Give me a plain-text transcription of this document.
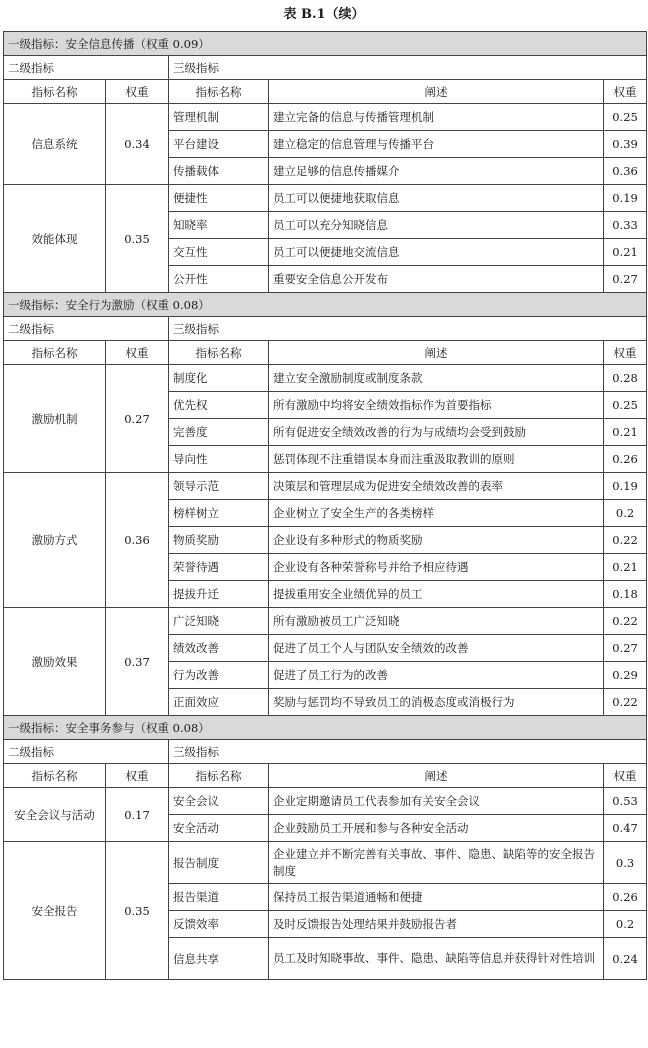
表 B.1（续）
一级指标：安全信息传播（权重 0.09）				
二级指标		三级指标		
指标名称	权重	指标名称	阐述	权重
信息系统	0.34	管理机制	建立完备的信息与传播管理机制	0.25
		平台建设	建立稳定的信息管理与传播平台	0.39
		传播载体	建立足够的信息传播媒介	0.36
效能体现	0.35	便捷性	员工可以便捷地获取信息	0.19
		知晓率	员工可以充分知晓信息	0.33
		交互性	员工可以便捷地交流信息	0.21
		公开性	重要安全信息公开发布	0.27
一级指标：安全行为激励（权重 0.08）				
二级指标		三级指标		
指标名称	权重	指标名称	阐述	权重
激励机制	0.27	制度化	建立安全激励制度或制度条款	0.28
		优先权	所有激励中均将安全绩效指标作为首要指标	0.25
		完善度	所有促进安全绩效改善的行为与成绩均会受到鼓励	0.21
		导向性	惩罚体现不注重错误本身而注重汲取教训的原则	0.26
激励方式	0.36	领导示范	决策层和管理层成为促进安全绩效改善的表率	0.19
		榜样树立	企业树立了安全生产的各类榜样	0.2
		物质奖励	企业设有多种形式的物质奖励	0.22
		荣誉待遇	企业设有各种荣誉称号并给予相应待遇	0.21
		提拔升迁	提拔重用安全业绩优异的员工	0.18
激励效果	0.37	广泛知晓	所有激励被员工广泛知晓	0.22
		绩效改善	促进了员工个人与团队安全绩效的改善	0.27
		行为改善	促进了员工行为的改善	0.29
		正面效应	奖励与惩罚均不导致员工的消极态度或消极行为	0.22
一级指标：安全事务参与（权重 0.08）				
二级指标		三级指标		
指标名称	权重	指标名称	阐述	权重
安全会议与活动	0.17	安全会议	企业定期邀请员工代表参加有关安全会议	0.53
		安全活动	企业鼓励员工开展和参与各种安全活动	0.47
安全报告	0.35	报告制度	企业建立并不断完善有关事故、事件、隐患、缺陷等的安全报告制度	0.3
		报告渠道	保持员工报告渠道通畅和便捷	0.26
		反馈效率	及时反馈报告处理结果并鼓励报告者	0.2
		信息共享	员工及时知晓事故、事件、隐患、缺陷等信息并获得针对性培训	0.24
